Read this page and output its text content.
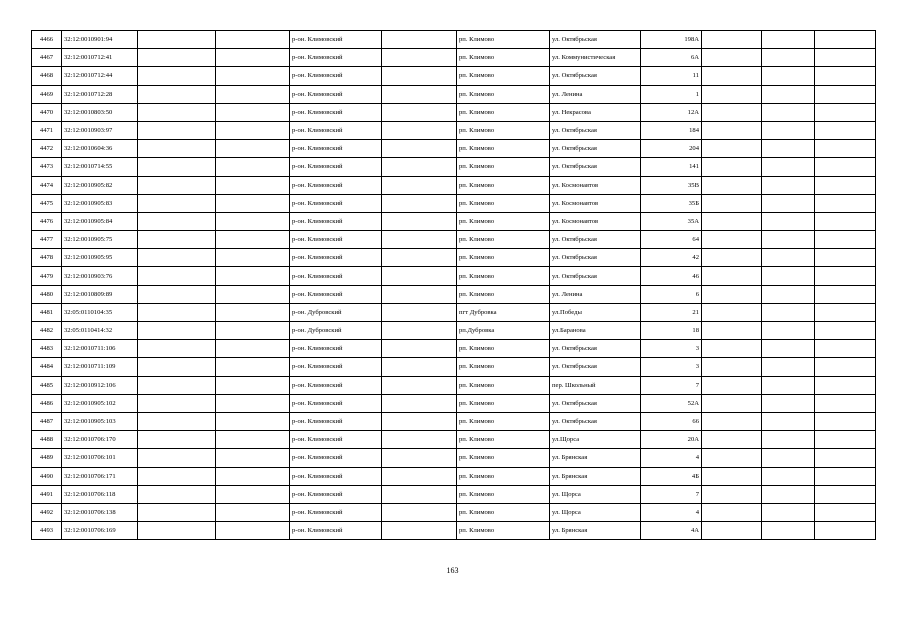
4466	32:12:0010901:94			р-он. Климовский		рп. Климово	ул. Октябрьская	198А			
4467	32:12:0010712:41			р-он. Климовский		рп. Климово	ул. Коммунистическая	6А			
4468	32:12:0010712:44			р-он. Климовский		рп. Климово	ул. Октябрьская	11			
4469	32:12:0010712:28			р-он. Климовский		рп. Климово	ул. Ленина	1			
4470	32:12:0010803:50			р-он. Климовский		рп. Климово	ул. Некрасова	12А			
4471	32:12:0010903:97			р-он. Климовский		рп. Климово	ул. Октябрьская	184			
4472	32:12:0010604:36			р-он. Климовский		рп. Климово	ул. Октябрьская	204			
4473	32:12:0010714:55			р-он. Климовский		рп. Климово	ул. Октябрьская	141			
4474	32:12:0010905:82			р-он. Климовский		рп. Климово	ул. Космонавтов	35В			
4475	32:12:0010905:83			р-он. Климовский		рп. Климово	ул. Космонавтов	35Б			
4476	32:12:0010905:84			р-он. Климовский		рп. Климово	ул. Космонавтов	35А			
4477	32:12:0010905:75			р-он. Климовский		рп. Климово	ул. Октябрьская	64			
4478	32:12:0010905:95			р-он. Климовский		рп. Климово	ул. Октябрьская	42			
4479	32:12:0010903:76			р-он. Климовский		рп. Климово	ул. Октябрьская	46			
4480	32:12:0010809:89			р-он. Климовский		рп. Климово	ул. Ленина	6			
4481	32:05:0110104:35			р-он. Дубровский		пгт Дубровка	ул.Победы	21			
4482	32:05:0110414:32			р-он. Дубровский		рп.Дубровка	ул.Баранова	18			
4483	32:12:0010711:106			р-он. Климовский		рп. Климово	ул. Октябрьская	3			
4484	32:12:0010711:109			р-он. Климовский		рп. Климово	ул. Октябрьская	3			
4485	32:12:0010912:106			р-он. Климовский		рп. Климово	пер. Школьный	7			
4486	32:12:0010905:102			р-он. Климовский		рп. Климово	ул. Октябрьская	52А			
4487	32:12:0010905:103			р-он. Климовский		рп. Климово	ул. Октябрьская	66			
4488	32:12:0010706:170			р-он. Климовский		рп. Климово	ул.Щорса	20А			
4489	32:12:0010706:101			р-он. Климовский		рп. Климово	ул. Брянская	4			
4490	32:12:0010706:171			р-он. Климовский		рп. Климово	ул. Брянская	4Б			
4491	32:12:0010706:118			р-он. Климовский		рп. Климово	ул. Щорса	7			
4492	32:12:0010706:138			р-он. Климовский		рп. Климово	ул. Щорса	4			
4493	32:12:0010706:169			р-он. Климовский		рп. Климово	ул. Брянская	4А			
163
